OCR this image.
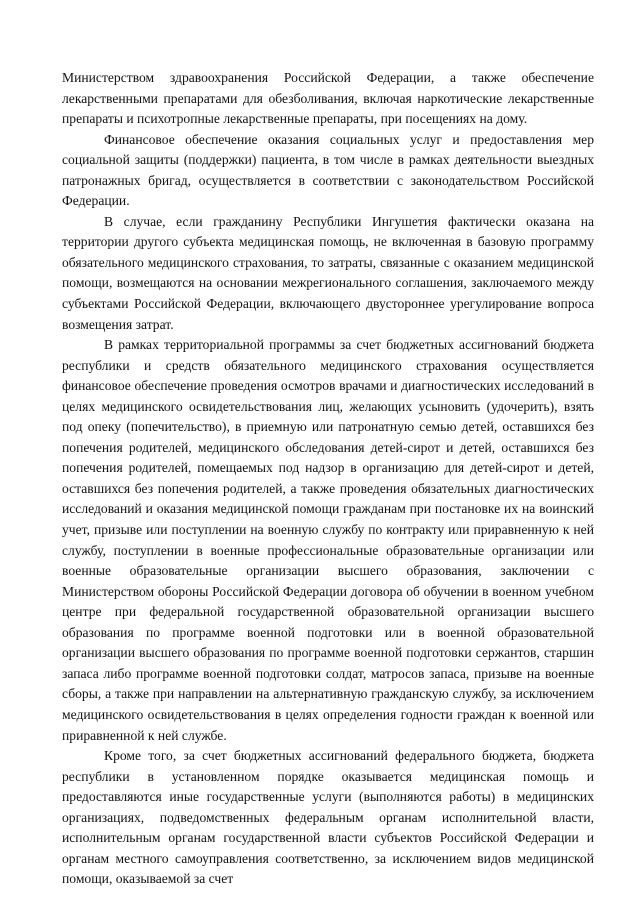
Министерством здравоохранения Российской Федерации, а также обеспечение лекарственными препаратами для обезболивания, включая наркотические лекарственные препараты и психотропные лекарственные препараты, при посещениях на дому.

Финансовое обеспечение оказания социальных услуг и предоставления мер социальной защиты (поддержки) пациента, в том числе в рамках деятельности выездных патронажных бригад, осуществляется в соответствии с законодательством Российской Федерации.

В случае, если гражданину Республики Ингушетия фактически оказана на территории другого субъекта медицинская помощь, не включенная в базовую программу обязательного медицинского страхования, то затраты, связанные с оказанием медицинской помощи, возмещаются на основании межрегионального соглашения, заключаемого между субъектами Российской Федерации, включающего двустороннее урегулирование вопроса возмещения затрат.

В рамках территориальной программы за счет бюджетных ассигнований бюджета республики и средств обязательного медицинского страхования осуществляется финансовое обеспечение проведения осмотров врачами и диагностических исследований в целях медицинского освидетельствования лиц, желающих усыновить (удочерить), взять под опеку (попечительство), в приемную или патронатную семью детей, оставшихся без попечения родителей, медицинского обследования детей-сирот и детей, оставшихся без попечения родителей, помещаемых под надзор в организацию для детей-сирот и детей, оставшихся без попечения родителей, а также проведения обязательных диагностических исследований и оказания медицинской помощи гражданам при постановке их на воинский учет, призыве или поступлении на военную службу по контракту или приравненную к ней службу, поступлении в военные профессиональные образовательные организации или военные образовательные организации высшего образования, заключении с Министерством обороны Российской Федерации договора об обучении в военном учебном центре при федеральной государственной образовательной организации высшего образования по программе военной подготовки или в военной образовательной организации высшего образования по программе военной подготовки сержантов, старшин запаса либо программе военной подготовки солдат, матросов запаса, призыве на военные сборы, а также при направлении на альтернативную гражданскую службу, за исключением медицинского освидетельствования в целях определения годности граждан к военной или приравненной к ней службе.

Кроме того, за счет бюджетных ассигнований федерального бюджета, бюджета республики в установленном порядке оказывается медицинская помощь и предоставляются иные государственные услуги (выполняются работы) в медицинских организациях, подведомственных федеральным органам исполнительной власти, исполнительным органам государственной власти субъектов Российской Федерации и органам местного самоуправления соответственно, за исключением видов медицинской помощи, оказываемой за счет
